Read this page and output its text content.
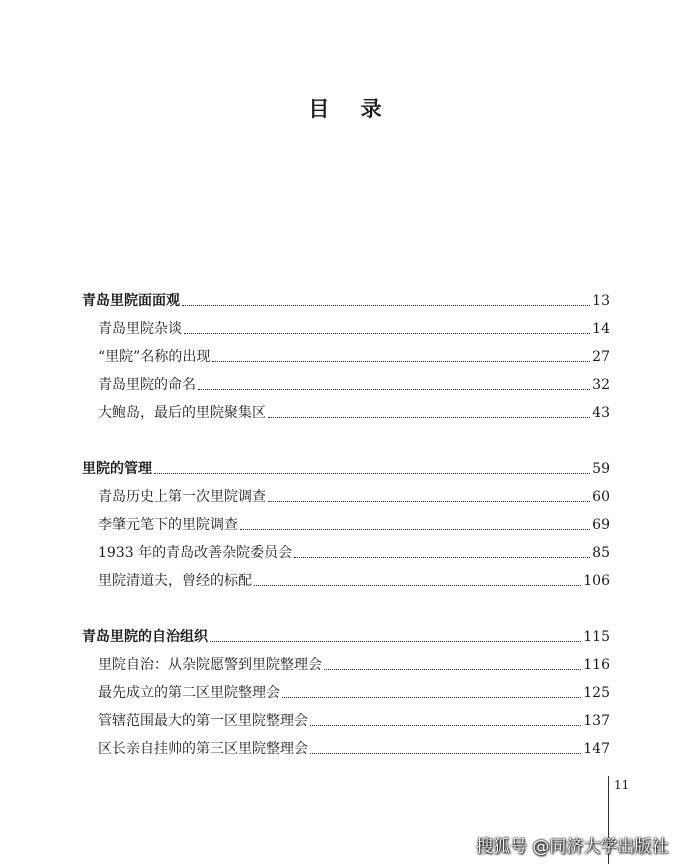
目 录
青岛里院面面观	13
青岛里院杂谈	14
“里院”名称的出现	27
青岛里院的命名	32
大鲍岛，最后的里院聚集区	43
里院的管理	59
青岛历史上第一次里院调查	60
李肇元笔下的里院调查	69
1933 年的青岛改善杂院委员会	85
里院清道夫，曾经的标配	106
青岛里院的自治组织	115
里院自治：从杂院愿警到里院整理会	116
最先成立的第二区里院整理会	125
管辖范围最大的第一区里院整理会	137
区长亲自挂帅的第三区里院整理会	147
11
搜狐号 @同济大学出版社
